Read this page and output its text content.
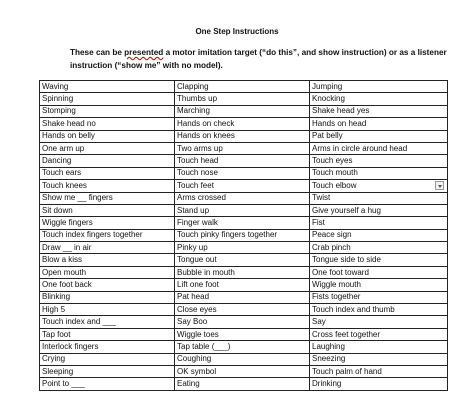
One Step Instructions

These can be presented a motor imitation target (“do this”, and show instruction) or as a listener instruction (“show me” with no model).

Waving	Clapping	Jumping
Spinning	Thumbs up	Knocking
Stomping	Marching	Shake head yes
Shake head no	Hands on check	Hands on head
Hands on belly	Hands on knees	Pat belly
One arm up	Two arms up	Arms in circle around head
Dancing	Touch head	Touch eyes
Touch ears	Touch nose	Touch mouth
Touch knees	Touch feet	Touch elbow
Show me __ fingers	Arms crossed	Twist
Sit down	Stand up	Give yourself a hug
Wiggle fingers	Finger walk	Fist
Touch index fingers together	Touch pinky fingers together	Peace sign
Draw __ in air	Pinky up	Crab pinch
Blow a kiss	Tongue out	Tongue side to side
Open mouth	Bubble in mouth	One foot toward
One foot back	Lift one foot	Wiggle mouth
Blinking	Pat head	Fists together
High 5	Close eyes	Touch index and thumb
Touch index and ___	Say Boo	Say
Tap foot	Wiggle toes	Cross feet together
Interlock fingers	Tap table (___)	Laughing
Crying	Coughing	Sneezing
Sleeping	OK symbol	Touch palm of hand
Point to ___	Eating	Drinking
